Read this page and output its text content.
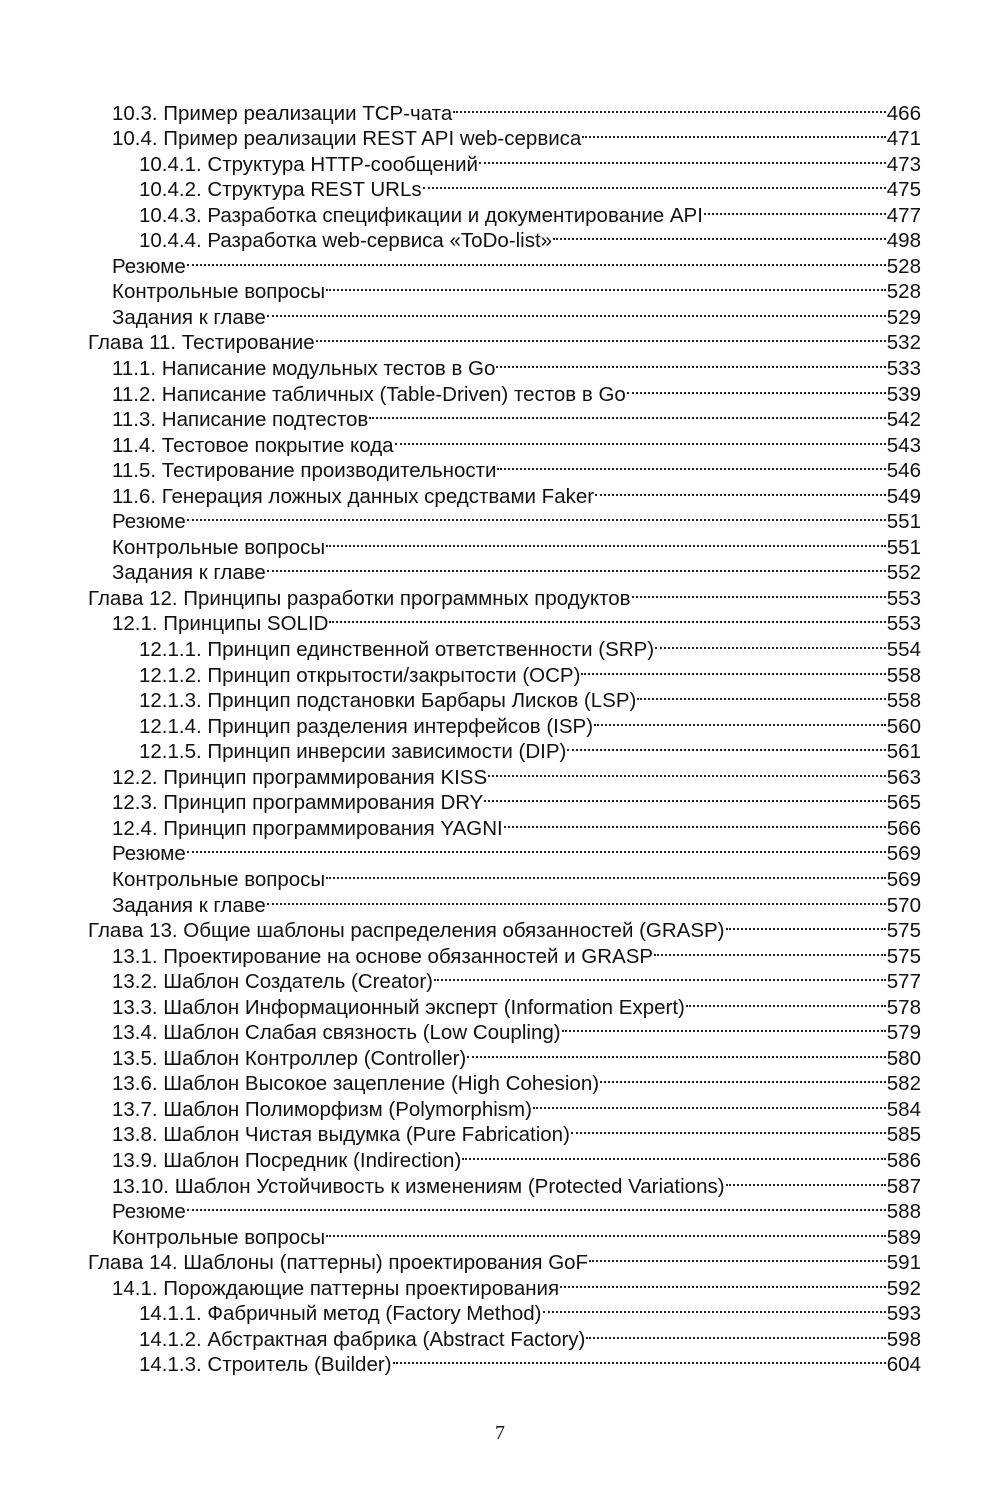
10.3. Пример реализации TCP-чата	466
10.4. Пример реализации REST API web-сервиса	471
10.4.1. Структура HTTP-сообщений	473
10.4.2. Структура REST URLs	475
10.4.3. Разработка спецификации и документирование API	477
10.4.4. Разработка web-сервиса «ToDo-list»	498
Резюме	528
Контрольные вопросы	528
Задания к главе	529
Глава 11. Тестирование	532
11.1. Написание модульных тестов в Go	533
11.2. Написание табличных (Table-Driven) тестов в Go	539
11.3. Написание подтестов	542
11.4. Тестовое покрытие кода	543
11.5. Тестирование производительности	546
11.6. Генерация ложных данных средствами Faker	549
Резюме	551
Контрольные вопросы	551
Задания к главе	552
Глава 12. Принципы разработки программных продуктов	553
12.1. Принципы SOLID	553
12.1.1. Принцип единственной ответственности (SRP)	554
12.1.2. Принцип открытости/закрытости (OCP)	558
12.1.3. Принцип подстановки Барбары Лисков (LSP)	558
12.1.4. Принцип разделения интерфейсов (ISP)	560
12.1.5. Принцип инверсии зависимости (DIP)	561
12.2. Принцип программирования KISS	563
12.3. Принцип программирования DRY	565
12.4. Принцип программирования YAGNI	566
Резюме	569
Контрольные вопросы	569
Задания к главе	570
Глава 13. Общие шаблоны распределения обязанностей (GRASP)	575
13.1. Проектирование на основе обязанностей и GRASP	575
13.2. Шаблон Создатель (Creator)	577
13.3. Шаблон Информационный эксперт (Information Expert)	578
13.4. Шаблон Слабая связность (Low Coupling)	579
13.5. Шаблон Контроллер (Controller)	580
13.6. Шаблон Высокое зацепление (High Cohesion)	582
13.7. Шаблон Полиморфизм (Polymorphism)	584
13.8. Шаблон Чистая выдумка (Pure Fabrication)	585
13.9. Шаблон Посредник (Indirection)	586
13.10. Шаблон Устойчивость к изменениям (Protected Variations)	587
Резюме	588
Контрольные вопросы	589
Глава 14. Шаблоны (паттерны) проектирования GoF	591
14.1. Порождающие паттерны проектирования	592
14.1.1. Фабричный метод (Factory Method)	593
14.1.2. Абстрактная фабрика (Abstract Factory)	598
14.1.3. Строитель (Builder)	604
7
